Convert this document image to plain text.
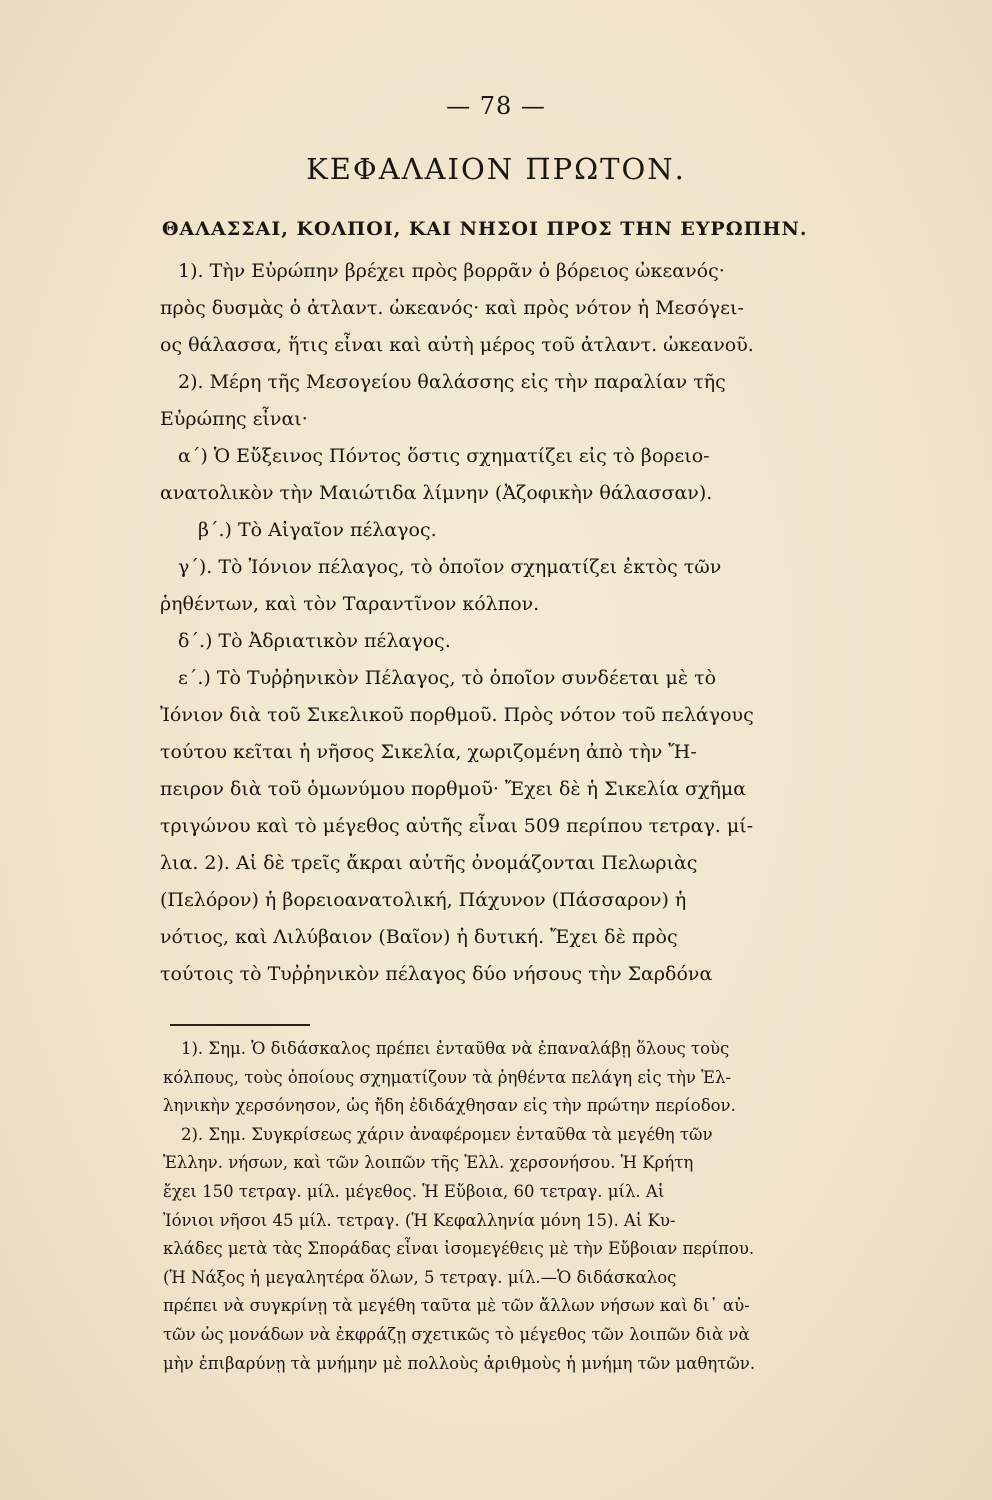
— 78 —
ΚΕΦΑΛΑΙΟΝ ΠΡΩΤΟΝ.
ΘΑΛΑΣΣΑΙ, ΚΟΛΠΟΙ, ΚΑΙ ΝΗΣΟΙ ΠΡΟΣ ΤΗΝ ΕΥΡΩΠΗΝ.
1). Τὴν Εὐρώπην βρέχει πρὸς βορρᾶν ὁ βόρειος ὠκεανός·
πρὸς δυσμὰς ὁ ἀτλαντ. ὠκεανός· καὶ πρὸς νότον ἡ Μεσόγει-
ος θάλασσα, ἥτις εἶναι καὶ αὐτὴ μέρος τοῦ ἀτλαντ. ὠκεανοῦ.
2). Μέρη τῆς Μεσογείου θαλάσσης εἰς τὴν παραλίαν τῆς
Εὐρώπης εἶναι·
α΄) Ὁ Εὔξεινος Πόντος ὅστις σχηματίζει εἰς τὸ βορειο-
ανατολικὸν τὴν Μαιώτιδα λίμνην (Ἀζοφικὴν θάλασσαν).
β΄.) Τὸ Αἰγαῖον πέλαγος.
γ΄). Τὸ Ἰόνιον πέλαγος, τὸ ὁποῖον σχηματίζει ἐκτὸς τῶν
ῥηθέντων, καὶ τὸν Ταραντῖνον κόλπον.
δ΄.) Τὸ Ἀδριατικὸν πέλαγος.
ε΄.) Τὸ Τυῤῥηνικὸν Πέλαγος, τὸ ὁποῖον συνδέεται μὲ τὸ
Ἰόνιον διὰ τοῦ Σικελικοῦ πορθμοῦ. Πρὸς νότον τοῦ πελάγους
τούτου κεῖται ἡ νῆσος Σικελία, χωριζομένη ἀπὸ τὴν Ἤ-
πειρον διὰ τοῦ ὁμωνύμου πορθμοῦ· Ἔχει δὲ ἡ Σικελία σχῆμα
τριγώνου καὶ τὸ μέγεθος αὐτῆς εἶναι 509 περίπου τετραγ. μί-
λια. 2). Αἱ δὲ τρεῖς ἄκραι αὐτῆς ὀνομάζονται Πελωριὰς
(Πελόρον) ἡ βορειοανατολική, Πάχυνον (Πάσσαρον) ἡ
νότιος, καὶ Λιλύβαιον (Βαῖον) ἡ δυτική. Ἔχει δὲ πρὸς
τούτοις τὸ Τυῤῥηνικὸν πέλαγος δύο νήσους τὴν Σαρδόνα
1). Σημ. Ὁ διδάσκαλος πρέπει ἐνταῦθα νὰ ἐπαναλάβῃ ὅλους τοὺς
κόλπους, τοὺς ὁποίους σχηματίζουν τὰ ῥηθέντα πελάγη εἰς τὴν Ἑλ-
ληνικὴν χερσόνησον, ὡς ἤδη ἐδιδάχθησαν εἰς τὴν πρώτην περίοδον.
2). Σημ. Συγκρίσεως χάριν ἀναφέρομεν ἐνταῦθα τὰ μεγέθη τῶν
Ἑλλην. νήσων, καὶ τῶν λοιπῶν τῆς Ἑλλ. χερσονήσου. Ἡ Κρήτη
ἔχει 150 τετραγ. μίλ. μέγεθος. Ἡ Εὔβοια, 60 τετραγ. μίλ. Αἱ
Ἰόνιοι νῆσοι 45 μίλ. τετραγ. (Ἡ Κεφαλληνία μόνη 15). Αἱ Κυ-
κλάδες μετὰ τὰς Σποράδας εἶναι ἰσομεγέθεις μὲ τὴν Εὔβοιαν περίπου.
(Ἡ Νάξος ἡ μεγαλητέρα ὅλων, 5 τετραγ. μίλ.—Ὁ διδάσκαλος
πρέπει νὰ συγκρίνῃ τὰ μεγέθη ταῦτα μὲ τῶν ἄλλων νήσων καὶ δι᾽ αὐ-
τῶν ὡς μονάδων νὰ ἐκφράζῃ σχετικῶς τὸ μέγεθος τῶν λοιπῶν διὰ νὰ
μὴν ἐπιβαρύνῃ τὰ μνήμην μὲ πολλοὺς ἀριθμοὺς ἡ μνήμη τῶν μαθητῶν.
